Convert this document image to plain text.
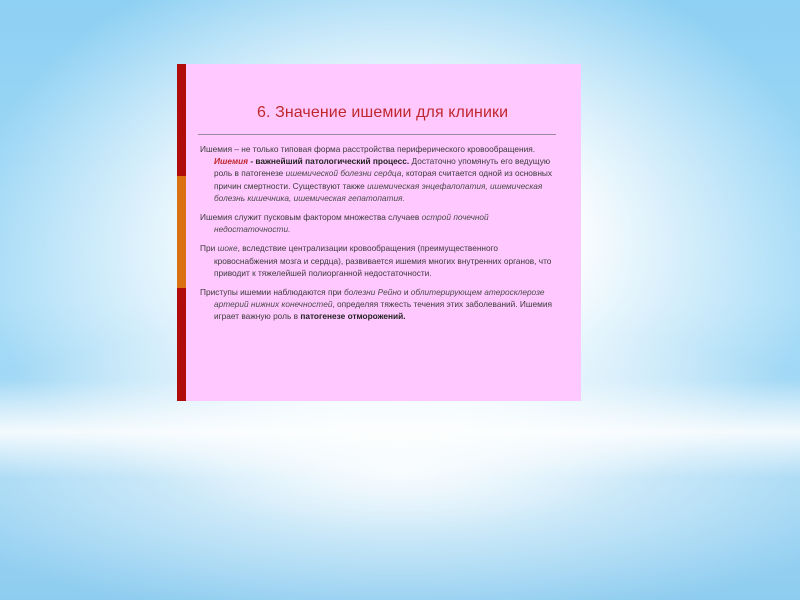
6. Значение ишемии для клиники

Ишемия – не только типовая форма расстройства периферического кровообращения. Ишемия - важнейший патологический процесс. Достаточно упомянуть его ведущую роль в патогенезе ишемической болезни сердца, которая считается одной из основных причин смертности. Существуют также ишемическая энцефалопатия, ишемическая болезнь кишечника, ишемическая гепатопатия.

Ишемия служит пусковым фактором множества случаев острой почечной недостаточности.

При шоке, вследствие централизации кровообращения (преимущественного кровоснабжения мозга и сердца), развивается ишемия многих внутренних органов, что приводит к тяжелейшей полиорганной недостаточности.

Приступы ишемии наблюдаются при болезни Рейно и облитерирующем атеросклерозе артерий нижних конечностей, определяя тяжесть течения этих заболеваний. Ишемия играет важную роль в патогенезе отморожений.
